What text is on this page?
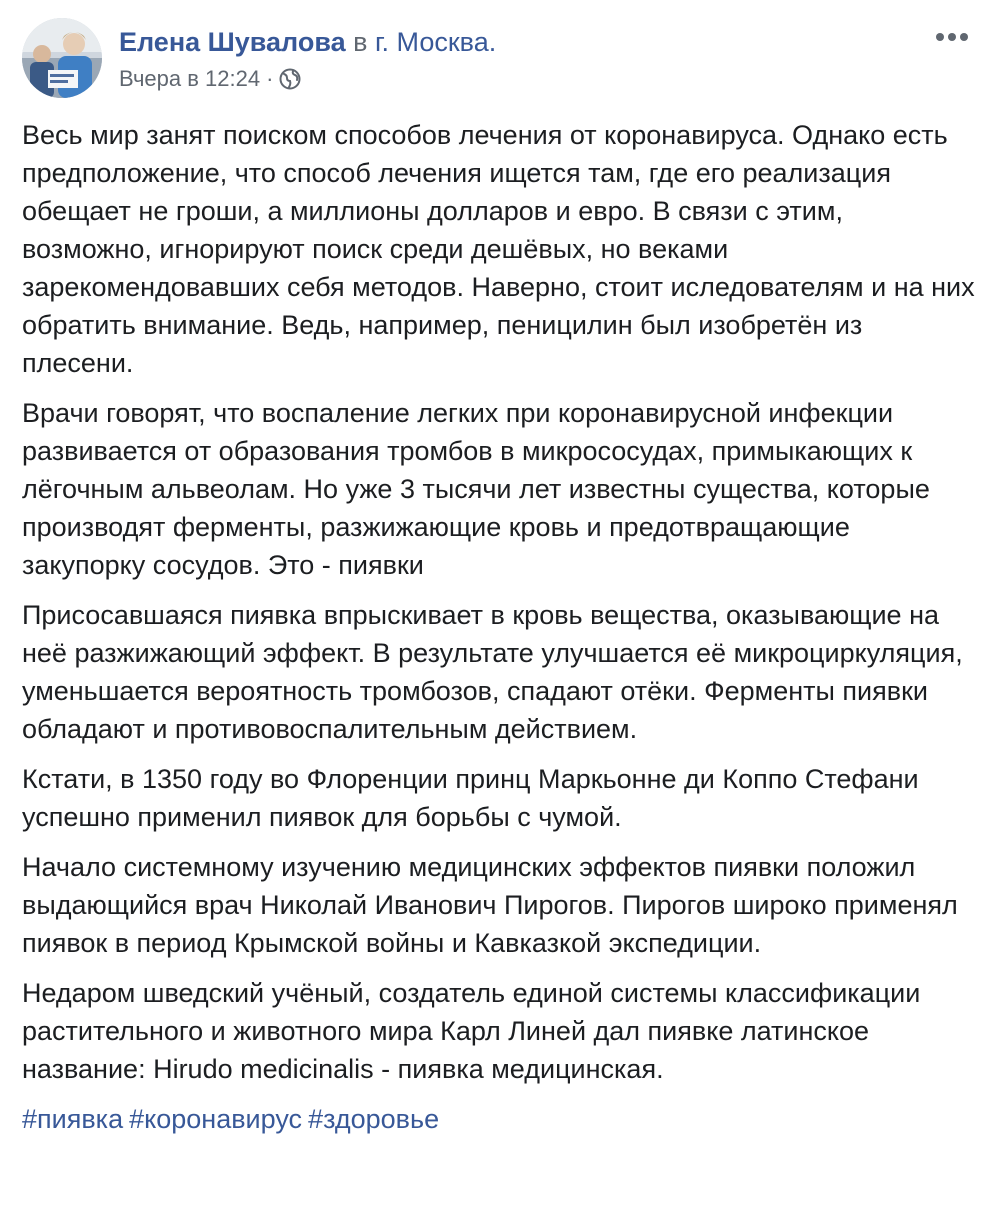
Елена Шувалова в г. Москва.
Вчера в 12:24 ·

Весь мир занят поиском способов лечения от коронавируса. Однако есть предположение, что способ лечения ищется там, где его реализация обещает не гроши, а миллионы долларов и евро. В связи с этим, возможно, игнорируют поиск среди дешёвых, но веками зарекомендовавших себя методов. Наверно, стоит иследователям и на них обратить внимание. Ведь, например, пеницилин был изобретён из плесени.

Врачи говорят, что воспаление легких при коронавирусной инфекции развивается от образования тромбов в микрососудах, примыкающих к лёгочным альвеолам. Но уже 3 тысячи лет известны существа, которые производят ферменты, разжижающие кровь и предотвращающие закупорку сосудов. Это - пиявки

Присосавшаяся пиявка впрыскивает в кровь вещества, оказывающие на неё разжижающий эффект. В результате улучшается её микроциркуляция, уменьшается вероятность тромбозов, спадают отёки. Ферменты пиявки обладают и противовоспалительным действием.

Кстати, в 1350 году во Флоренции принц Маркьонне ди Коппо Стефани успешно применил пиявок для борьбы с чумой.

Начало системному изучению медицинских эффектов пиявки положил выдающийся врач Николай Иванович Пирогов. Пирогов широко применял пиявок в период Крымской войны и Кавказкой экспедиции.

Недаром шведский учёный, создатель единой системы классификации растительного и животного мира Карл Линей дал пиявке латинское название: Hirudo medicinalis - пиявка медицинская.

#пиявка #коронавирус #здоровье
